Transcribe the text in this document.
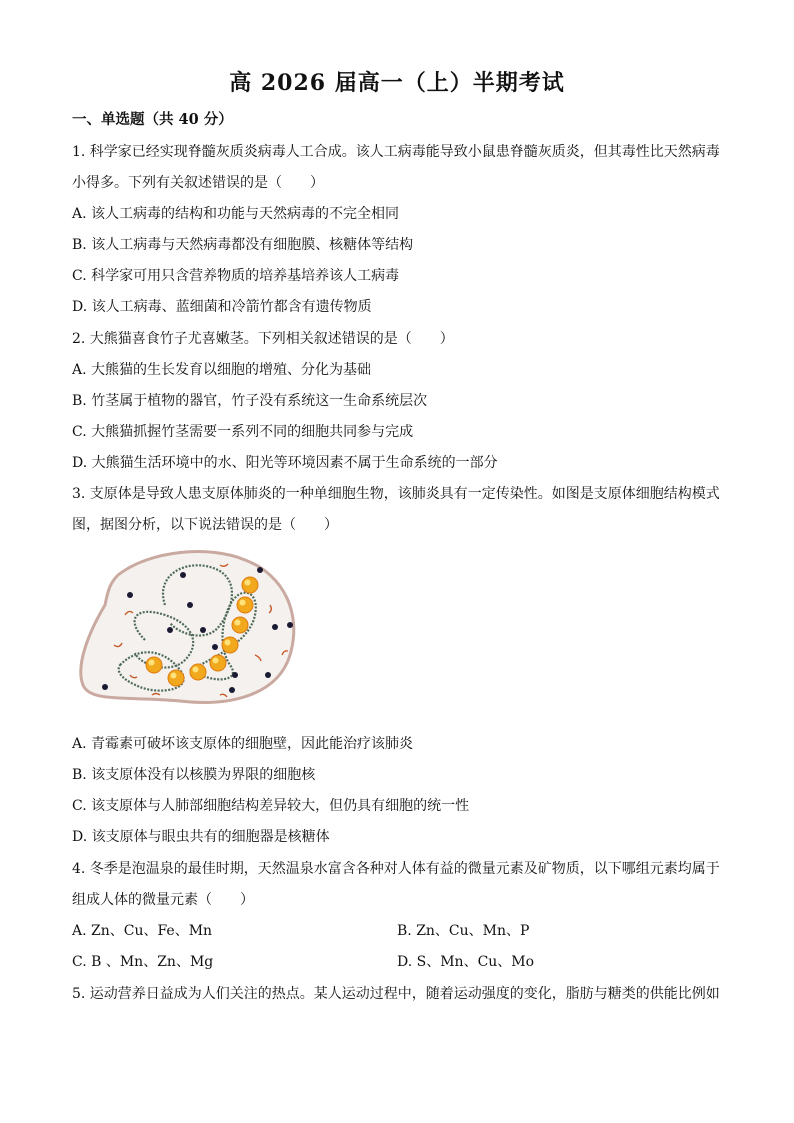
高 2026 届高一（上）半期考试
一、单选题（共 40 分）
1. 科学家已经实现脊髓灰质炎病毒人工合成。该人工病毒能导致小鼠患脊髓灰质炎，但其毒性比天然病毒
小得多。下列有关叙述错误的是（　　）
A. 该人工病毒的结构和功能与天然病毒的不完全相同
B. 该人工病毒与天然病毒都没有细胞膜、核糖体等结构
C. 科学家可用只含营养物质的培养基培养该人工病毒
D. 该人工病毒、蓝细菌和冷箭竹都含有遗传物质
2. 大熊猫喜食竹子尤喜嫩茎。下列相关叙述错误的是（　　）
A. 大熊猫的生长发育以细胞的增殖、分化为基础
B. 竹茎属于植物的器官，竹子没有系统这一生命系统层次
C. 大熊猫抓握竹茎需要一系列不同的细胞共同参与完成
D. 大熊猫生活环境中的水、阳光等环境因素不属于生命系统的一部分
3. 支原体是导致人患支原体肺炎的一种单细胞生物，该肺炎具有一定传染性。如图是支原体细胞结构模式
图，据图分析，以下说法错误的是（　　）
A. 青霉素可破坏该支原体的细胞壁，因此能治疗该肺炎
B. 该支原体没有以核膜为界限的细胞核
C. 该支原体与人肺部细胞结构差异较大，但仍具有细胞的统一性
D. 该支原体与眼虫共有的细胞器是核糖体
4. 冬季是泡温泉的最佳时期，天然温泉水富含各种对人体有益的微量元素及矿物质，以下哪组元素均属于
组成人体的微量元素（　　）
A. Zn、Cu、Fe、Mn	B. Zn、Cu、Mn、P
C. B 、Mn、Zn、Mg	D. S、Mn、Cu、Mo
5. 运动营养日益成为人们关注的热点。某人运动过程中，随着运动强度的变化，脂肪与糖类的供能比例如
